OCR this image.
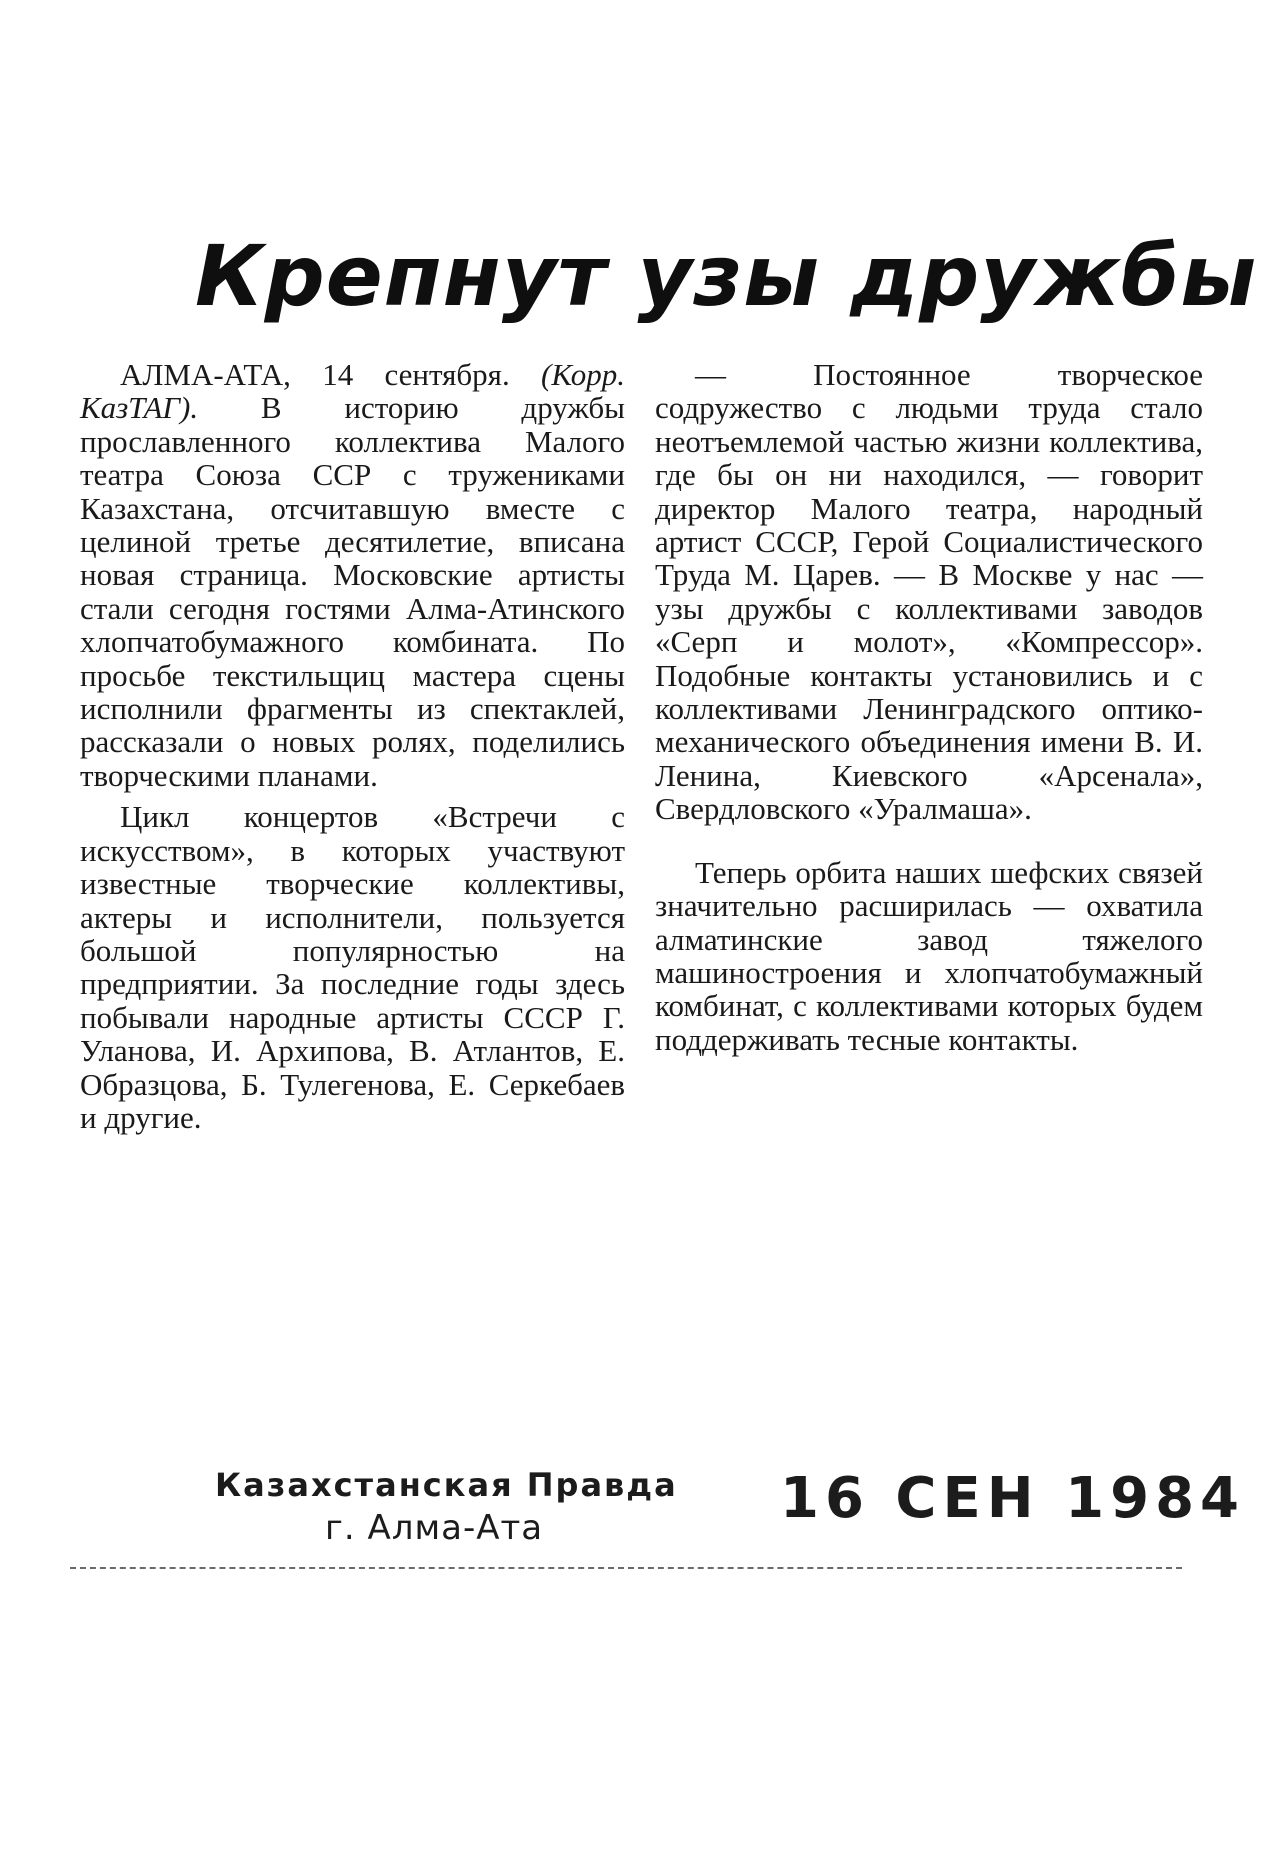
Крепнут узы дружбы

АЛМА-АТА, 14 сентября. (Корр. КазТАГ). В историю дружбы прославленного коллектива Малого театра Союза ССР с тружениками Казахстана, отсчитавшую вместе с целиной третье десятилетие, вписана новая страница. Московские артисты стали сегодня гостями Алма-Атинского хлопчатобумажного комбината. По просьбе текстильщиц мастера сцены исполнили фрагменты из спектаклей, рассказали о новых ролях, поделились творческими планами.

Цикл концертов «Встречи с искусством», в которых участвуют известные творческие коллективы, актеры и исполнители, пользуется большой популярностью на предприятии. За последние годы здесь побывали народные артисты СССР Г. Уланова, И. Архипова, В. Атлантов, Е. Образцова, Б. Тулегенова, Е. Серкебаев и другие.

— Постоянное творческое содружество с людьми труда стало неотъемлемой частью жизни коллектива, где бы он ни находился, — говорит директор Малого театра, народный артист СССР, Герой Социалистического Труда М. Царев. — В Москве у нас — узы дружбы с коллективами заводов «Серп и молот», «Компрессор». Подобные контакты установились и с коллективами Ленинградского оптико-механического объединения имени В. И. Ленина, Киевского «Арсенала», Свердловского «Уралмаша».

Теперь орбита наших шефских связей значительно расширилась — охватила алматинские завод тяжелого машиностроения и хлопчатобумажный комбинат, с коллективами которых будем поддерживать тесные контакты.

Казахстанская Правда
г. Алма-Ата	16 СЕН 1984
